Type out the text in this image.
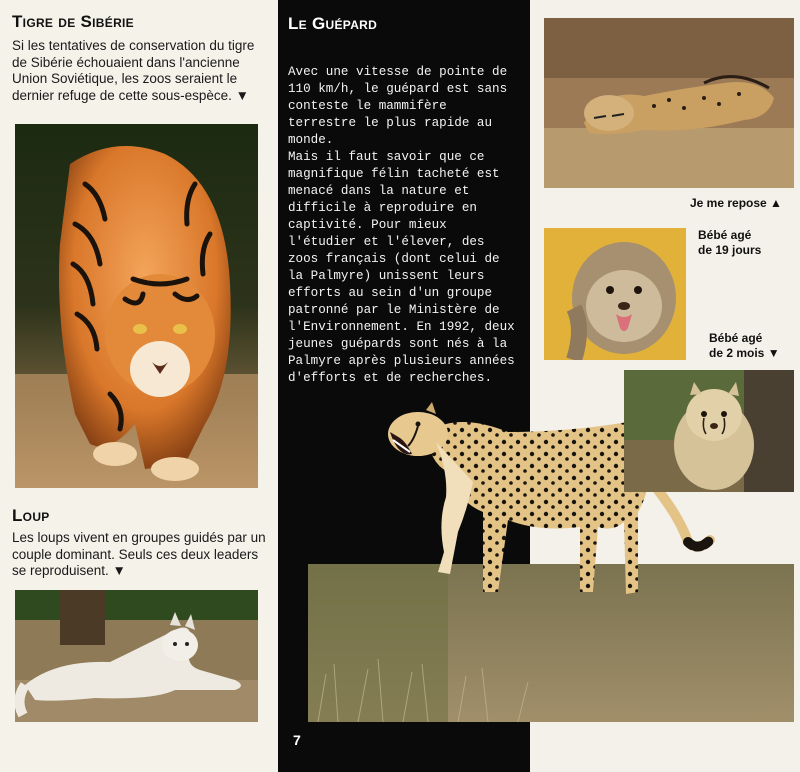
Tigre de Sibérie

Si les tentatives de conservation du tigre de Sibérie échouaient dans l'ancienne Union Soviétique, les zoos seraient le dernier refuge de cette sous-espèce. ▼

Loup

Les loups vivent en groupes guidés par un couple dominant. Seuls ces deux leaders se reproduisent. ▼

Le Guépard

Avec une vitesse de pointe de 110 km/h, le guépard est sans conteste le mammifère terrestre le plus rapide au monde.
Mais il faut savoir que ce magnifique félin tacheté est menacé dans la nature et difficile à reproduire en captivité. Pour mieux l'étudier et l'élever, des zoos français (dont celui de la Palmyre) unissent leurs efforts au sein d'un groupe patronné par le Ministère de l'Environnement. En 1992, deux jeunes guépards sont nés à la Palmyre après plusieurs années d'efforts et de recherches.

Je me repose ▲

Bébé agé

de 19 jours

Bébé agé

de 2 mois ▼

7
